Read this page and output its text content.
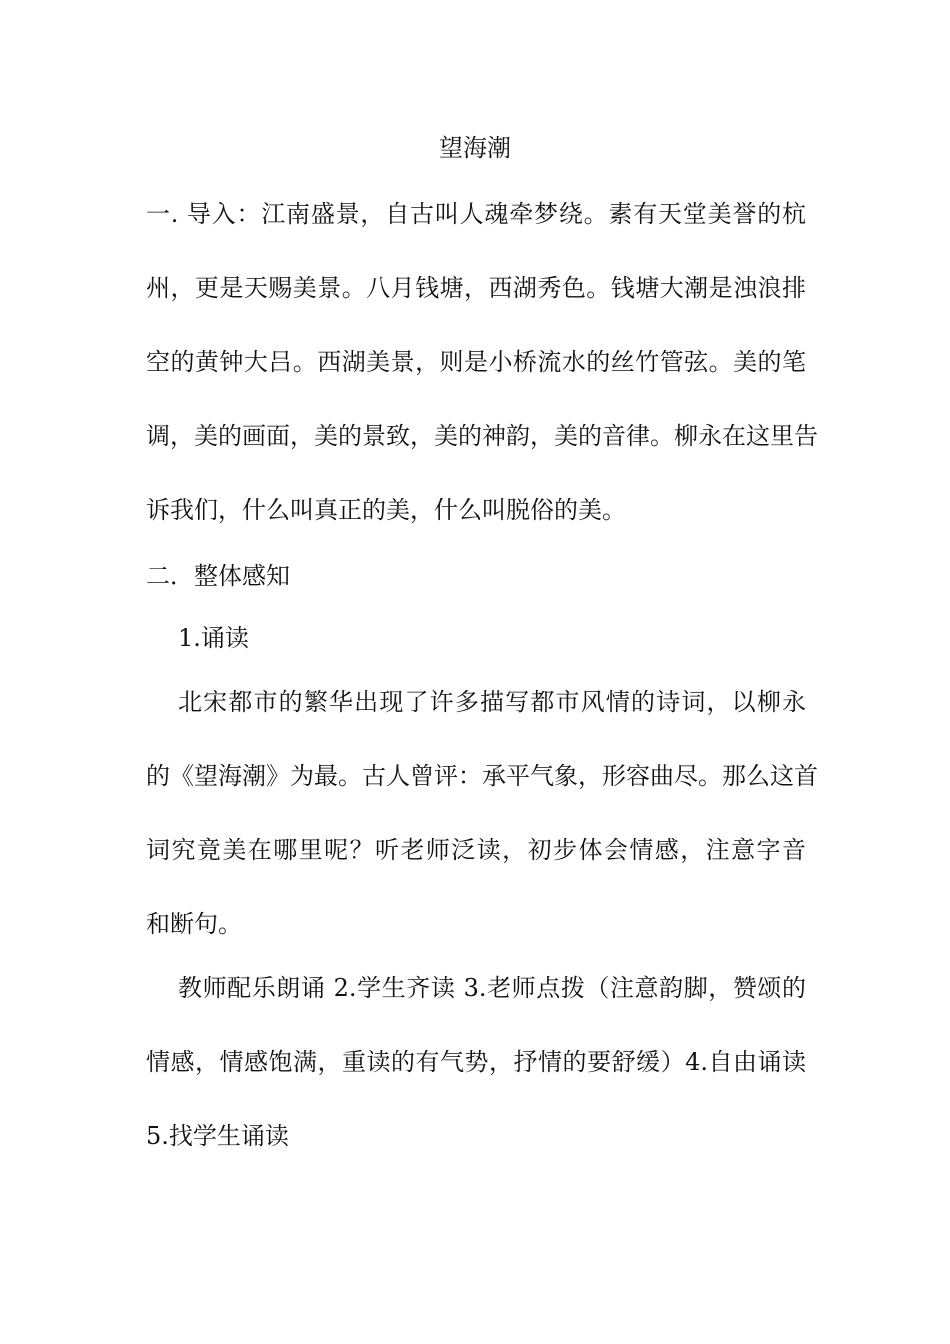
望海潮
一. 导入：江南盛景，自古叫人魂牵梦绕。素有天堂美誉的杭
州，更是天赐美景。八月钱塘，西湖秀色。钱塘大潮是浊浪排
空的黄钟大吕。西湖美景，则是小桥流水的丝竹管弦。美的笔
调，美的画面，美的景致，美的神韵，美的音律。柳永在这里告
诉我们，什么叫真正的美，什么叫脱俗的美。
二．整体感知
1.诵读
北宋都市的繁华出现了许多描写都市风情的诗词，以柳永
的《望海潮》为最。古人曾评：承平气象，形容曲尽。那么这首
词究竟美在哪里呢？听老师泛读，初步体会情感，注意字音
和断句。
教师配乐朗诵 2.学生齐读 3.老师点拨（注意韵脚，赞颂的
情感，情感饱满，重读的有气势，抒情的要舒缓）4.自由诵读
5.找学生诵读
